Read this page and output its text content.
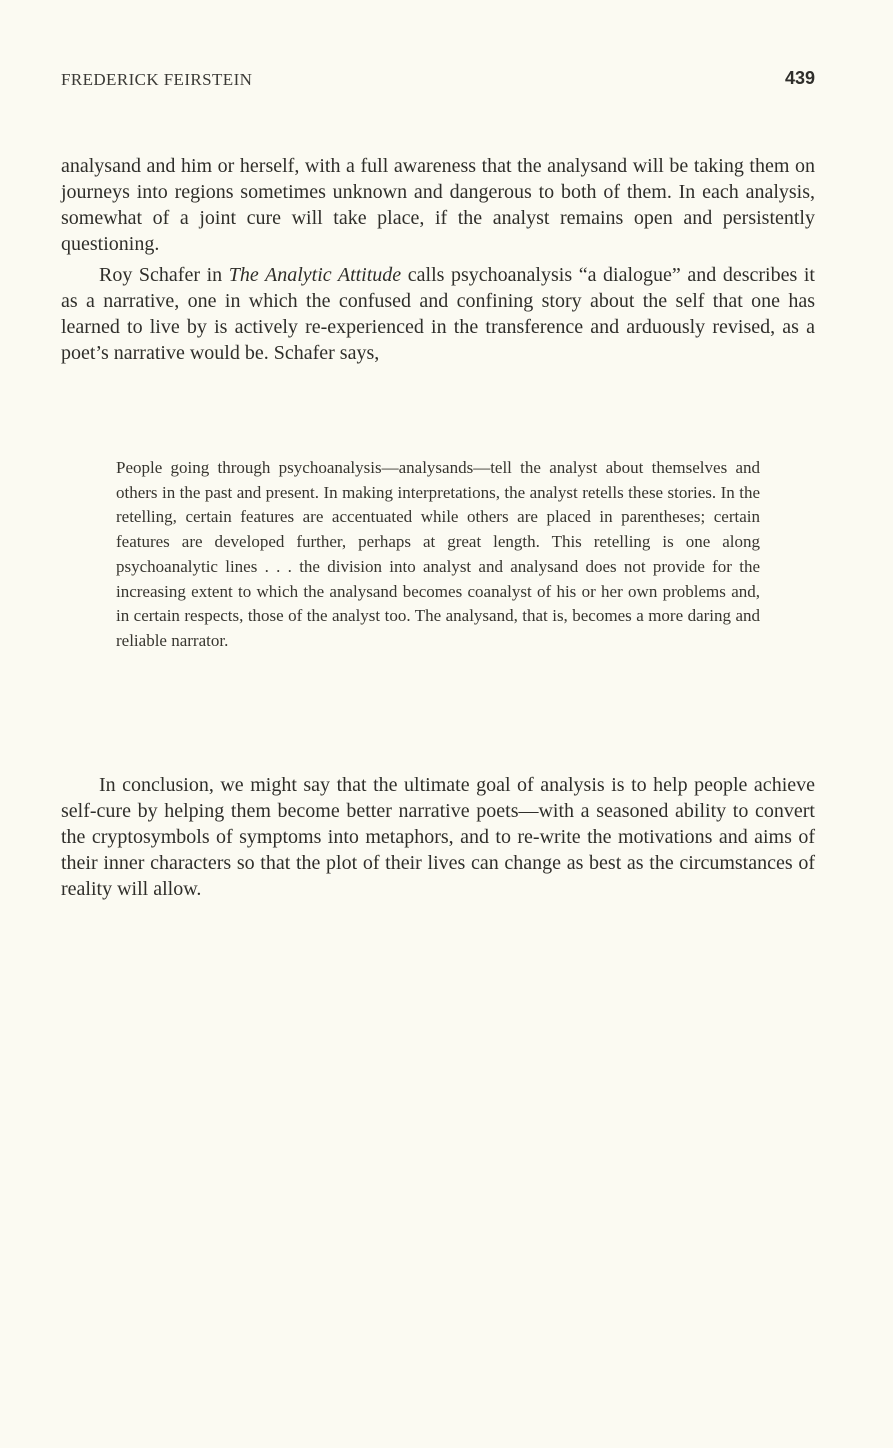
FREDERICK FEIRSTEIN	439

analysand and him or herself, with a full awareness that the analysand will be taking them on journeys into regions sometimes unknown and dangerous to both of them. In each analysis, somewhat of a joint cure will take place, if the analyst remains open and persistently questioning.

Roy Schafer in The Analytic Attitude calls psychoanalysis “a dialogue” and describes it as a narrative, one in which the confused and confining story about the self that one has learned to live by is actively re-experienced in the transference and arduously revised, as a poet’s narrative would be. Schafer says,

People going through psychoanalysis—analysands—tell the analyst about themselves and others in the past and present. In making interpretations, the analyst retells these stories. In the retelling, certain features are accentuated while others are placed in parentheses; certain features are developed further, perhaps at great length. This retelling is one along psychoanalytic lines . . . the division into analyst and analysand does not provide for the increasing extent to which the analysand becomes coanalyst of his or her own problems and, in certain respects, those of the analyst too. The analysand, that is, becomes a more daring and reliable narrator.

In conclusion, we might say that the ultimate goal of analysis is to help people achieve self-cure by helping them become better narrative poets—with a seasoned ability to convert the cryptosymbols of symptoms into metaphors, and to re-write the motivations and aims of their inner characters so that the plot of their lives can change as best as the circumstances of reality will allow.
